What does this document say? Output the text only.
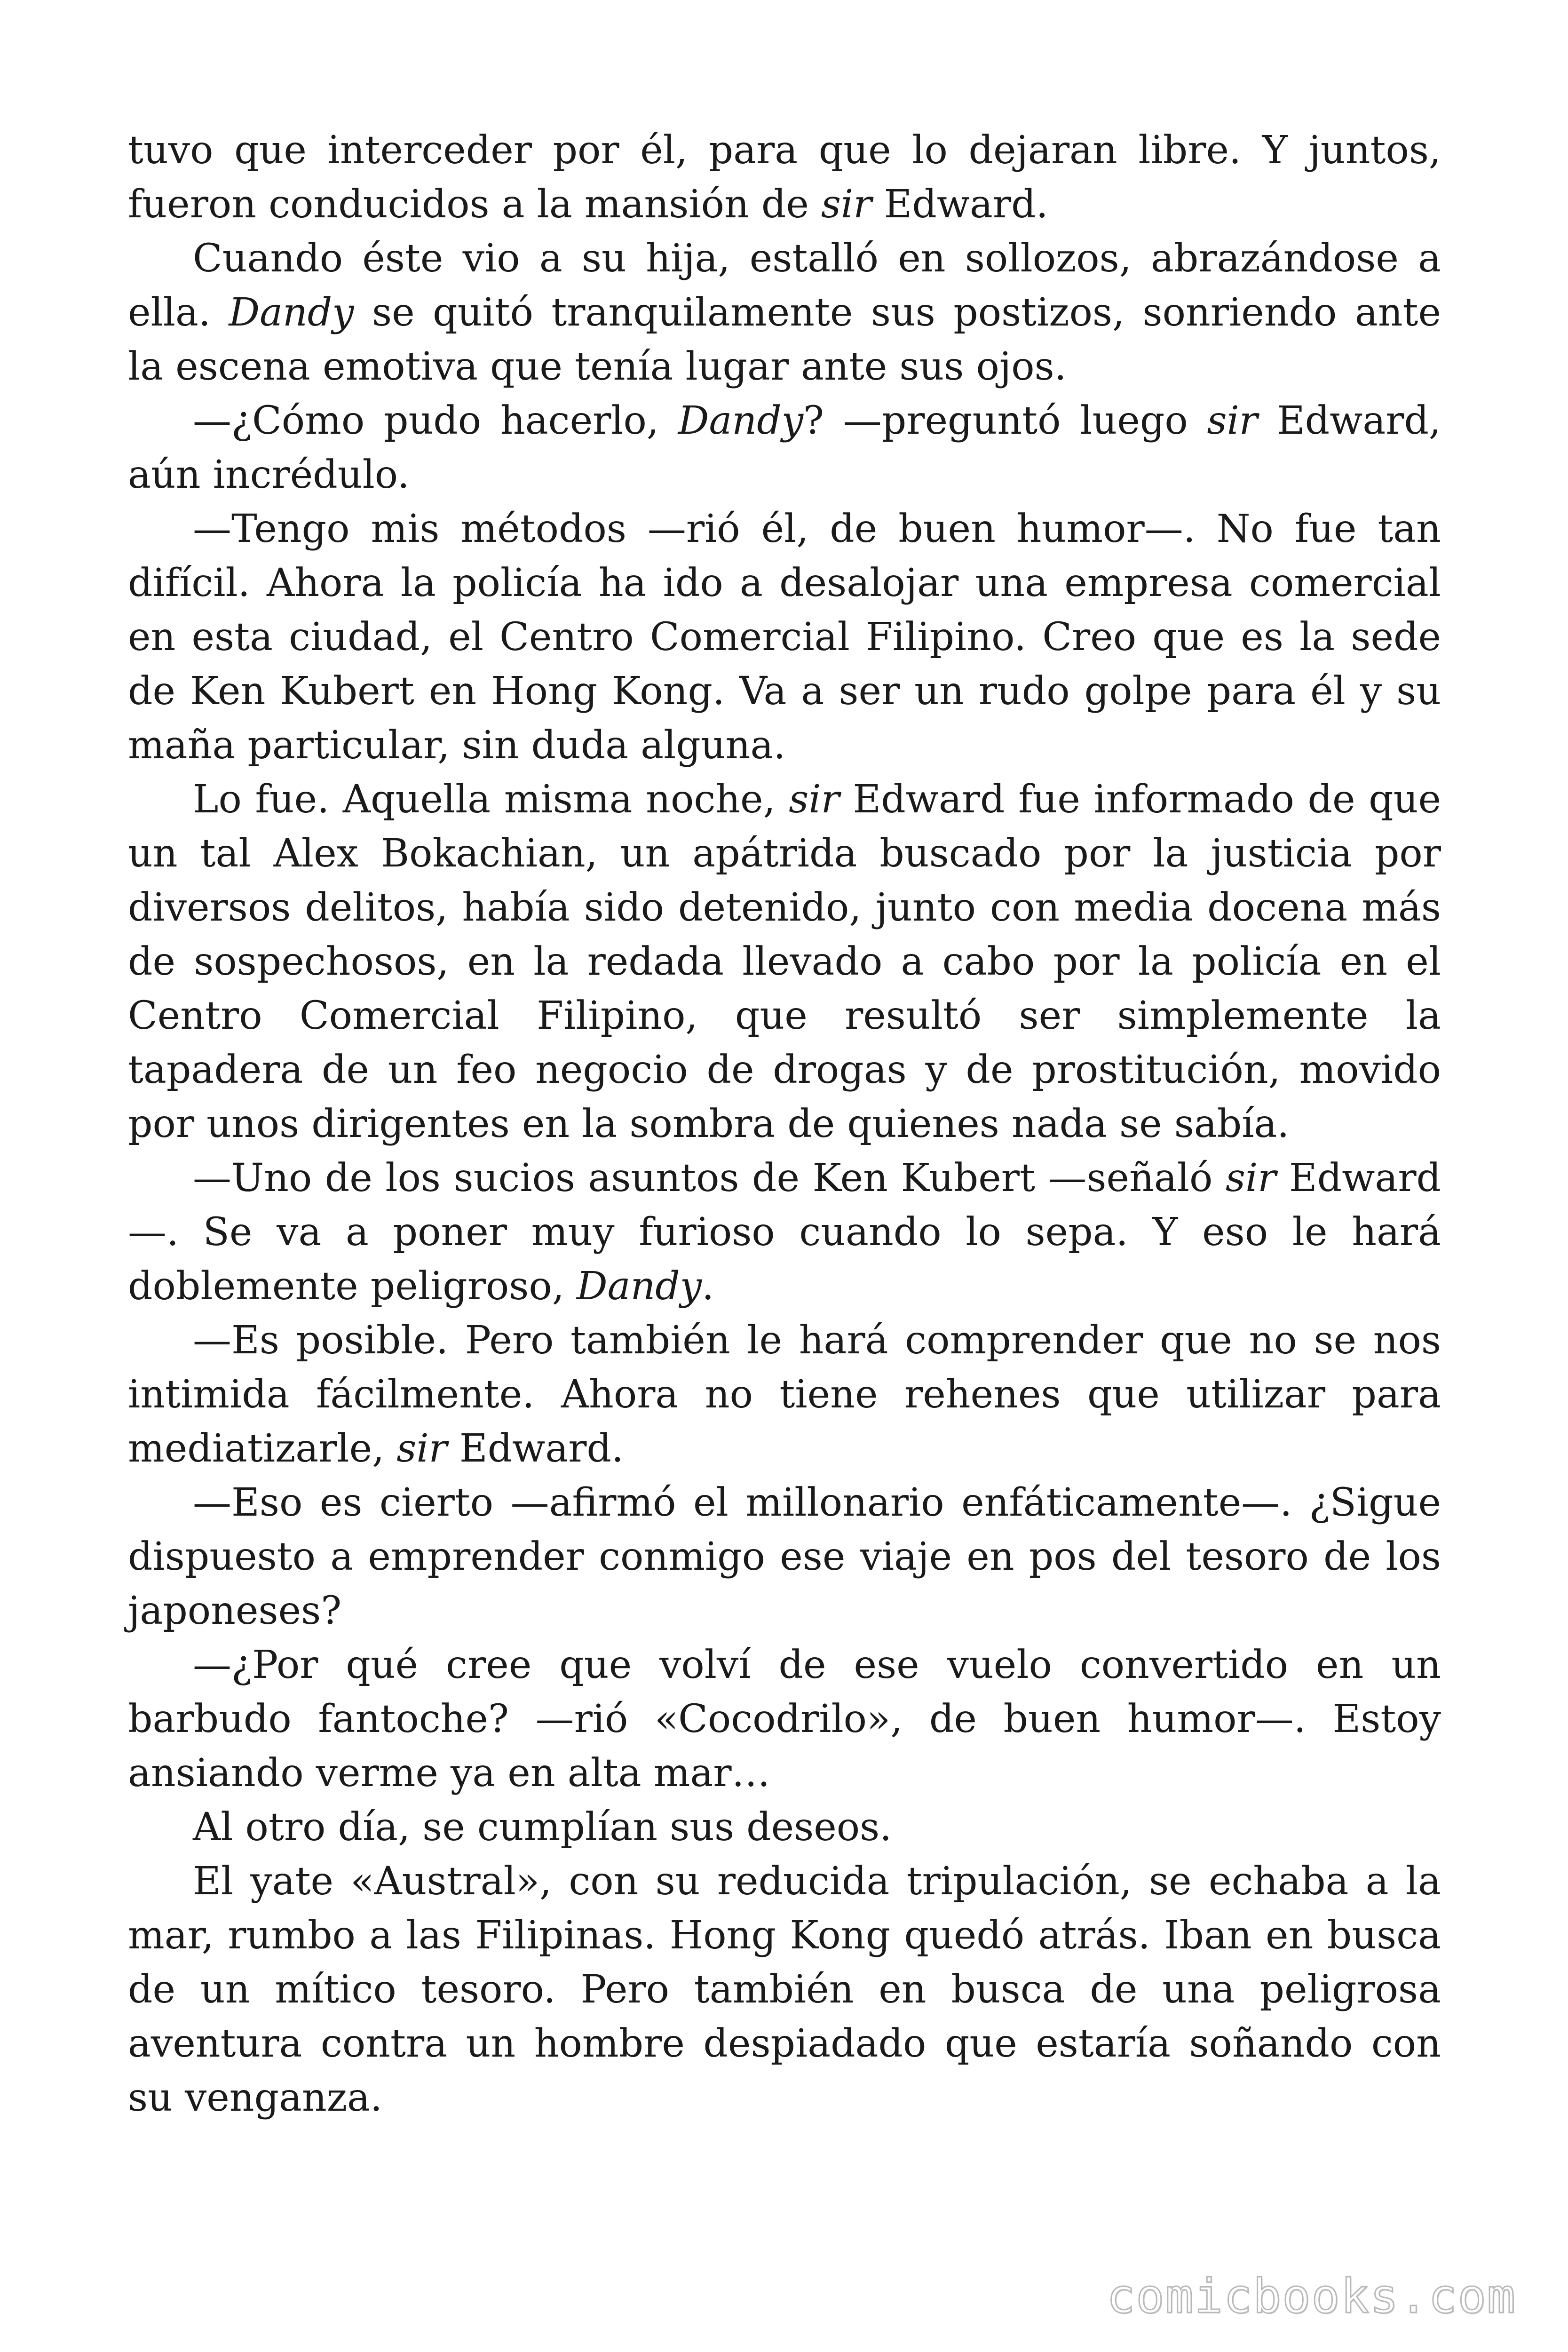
tuvo que interceder por él, para que lo dejaran libre. Y juntos, fueron conducidos a la mansión de sir Edward.

Cuando éste vio a su hija, estalló en sollozos, abrazándose a ella. Dandy se quitó tranquilamente sus postizos, sonriendo ante la escena emotiva que tenía lugar ante sus ojos.

—¿Cómo pudo hacerlo, Dandy? —preguntó luego sir Edward, aún incrédulo.

—Tengo mis métodos —rió él, de buen humor—. No fue tan difícil. Ahora la policía ha ido a desalojar una empresa comercial en esta ciudad, el Centro Comercial Filipino. Creo que es la sede de Ken Kubert en Hong Kong. Va a ser un rudo golpe para él y su maña particular, sin duda alguna.

Lo fue. Aquella misma noche, sir Edward fue informado de que un tal Alex Bokachian, un apátrida buscado por la justicia por diversos delitos, había sido detenido, junto con media docena más de sospechosos, en la redada llevado a cabo por la policía en el Centro Comercial Filipino, que resultó ser simplemente la tapadera de un feo negocio de drogas y de prostitución, movido por unos dirigentes en la sombra de quienes nada se sabía.

—Uno de los sucios asuntos de Ken Kubert —señaló sir Edward —. Se va a poner muy furioso cuando lo sepa. Y eso le hará doblemente peligroso, Dandy.

—Es posible. Pero también le hará comprender que no se nos intimida fácilmente. Ahora no tiene rehenes que utilizar para mediatizarle, sir Edward.

—Eso es cierto —afirmó el millonario enfáticamente—. ¿Sigue dispuesto a emprender conmigo ese viaje en pos del tesoro de los japoneses?

—¿Por qué cree que volví de ese vuelo convertido en un barbudo fantoche? —rió «Cocodrilo», de buen humor—. Estoy ansiando verme ya en alta mar…

Al otro día, se cumplían sus deseos.

El yate «Austral», con su reducida tripulación, se echaba a la mar, rumbo a las Filipinas. Hong Kong quedó atrás. Iban en busca de un mítico tesoro. Pero también en busca de una peligrosa aventura contra un hombre despiadado que estaría soñando con su venganza.

comicbooks.com
